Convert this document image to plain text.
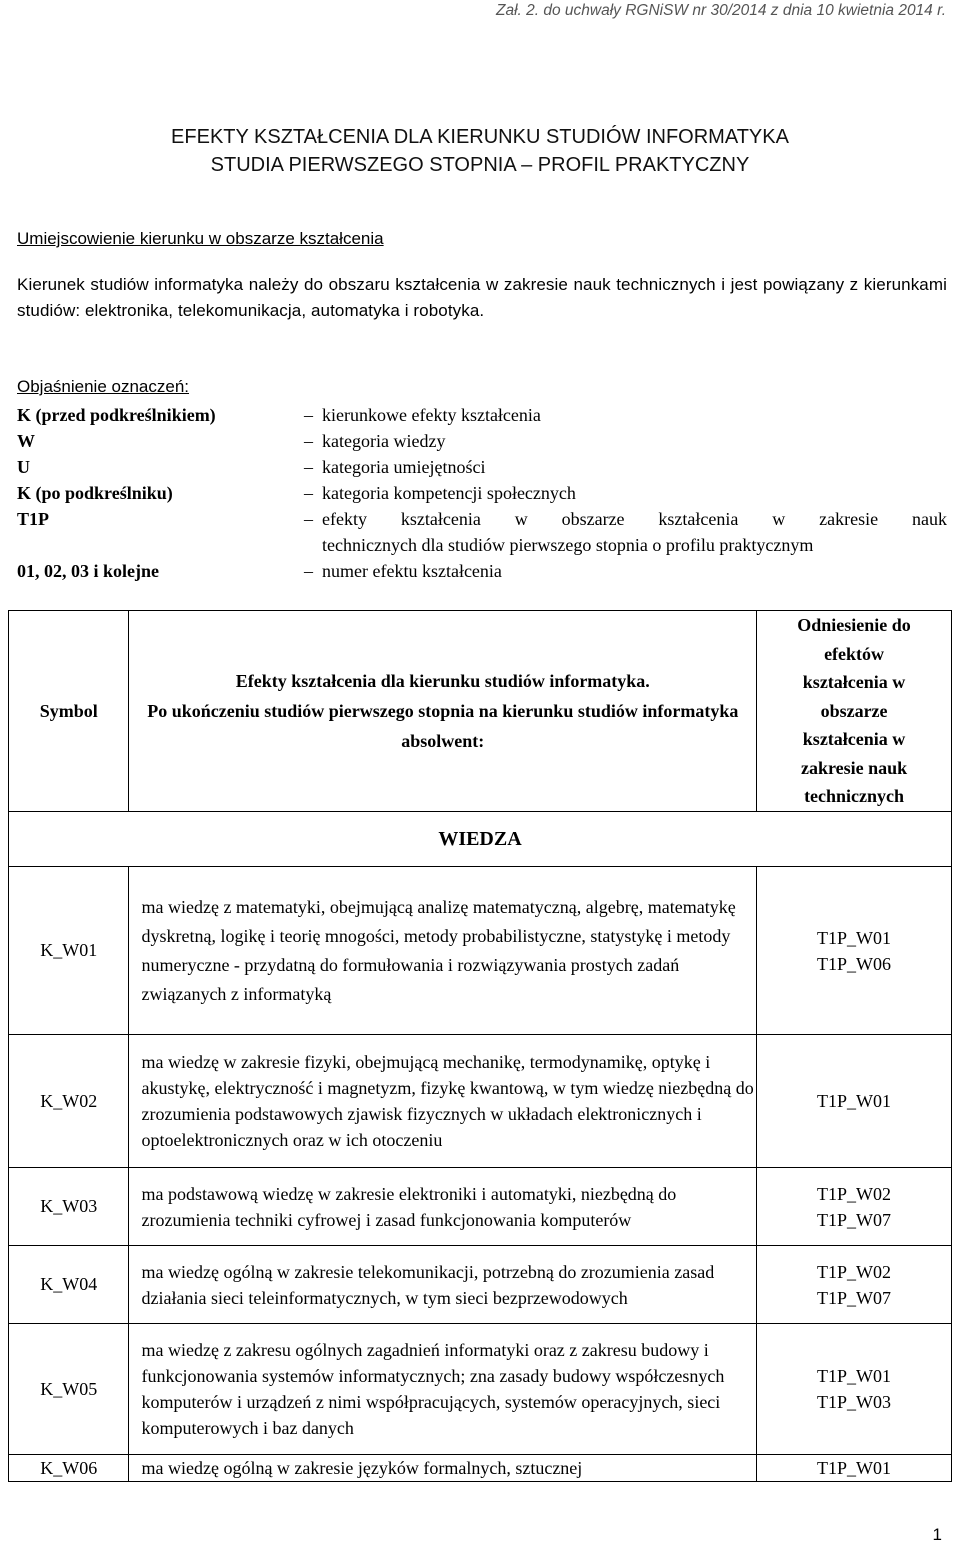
Zał. 2. do uchwały RGNiSW nr 30/2014 z dnia 10 kwietnia 2014 r.
EFEKTY KSZTAŁCENIA DLA KIERUNKU STUDIÓW INFORMATYKA
STUDIA PIERWSZEGO STOPNIA – PROFIL PRAKTYCZNY
Umiejscowienie kierunku w obszarze kształcenia
Kierunek studiów informatyka należy do obszaru kształcenia w zakresie nauk technicznych i jest powiązany z kierunkami studiów: elektronika, telekomunikacja, automatyka i robotyka.
Objaśnienie oznaczeń:
K (przed podkreślnikiem)	– kierunkowe efekty kształcenia
W	– kategoria wiedzy
U	– kategoria umiejętności
K (po podkreślniku)	– kategoria kompetencji społecznych
T1P	– efekty kształcenia w obszarze kształcenia w zakresie nauk
technicznych dla studiów pierwszego stopnia o profilu praktycznym
01, 02, 03 i kolejne	– numer efektu kształcenia
Symbol	Efekty kształcenia dla kierunku studiów informatyka.
Po ukończeniu studiów pierwszego stopnia na kierunku studiów informatyka absolwent:	Odniesienie do efektów kształcenia w obszarze kształcenia w zakresie nauk technicznych

WIEDZA		
K_W01	ma wiedzę z matematyki, obejmującą analizę matematyczną, algebrę, matematykę dyskretną, logikę i teorię mnogości, metody probabilistyczne, statystykę i metody numeryczne - przydatną do formułowania i rozwiązywania prostych zadań związanych z informatyką	T1P_W01
T1P_W06

K_W02	ma wiedzę w zakresie fizyki, obejmującą mechanikę, termodynamikę, optykę i akustykę, elektryczność i magnetyzm, fizykę kwantową, w tym wiedzę niezbędną do zrozumienia podstawowych zjawisk fizycznych w układach elektronicznych i optoelektronicznych oraz w ich otoczeniu	T1P_W01

K_W03	ma podstawową wiedzę w zakresie elektroniki i automatyki, niezbędną do zrozumienia techniki cyfrowej i zasad funkcjonowania komputerów	T1P_W02
T1P_W07

K_W04	ma wiedzę ogólną w zakresie telekomunikacji, potrzebną do zrozumienia zasad działania sieci teleinformatycznych, w tym sieci bezprzewodowych	T1P_W02
T1P_W07

K_W05	ma wiedzę z zakresu ogólnych zagadnień informatyki oraz z zakresu budowy i funkcjonowania systemów informatycznych; zna zasady budowy współczesnych komputerów i urządzeń z nimi współpracujących, systemów operacyjnych, sieci komputerowych i baz danych	T1P_W01
T1P_W03

K_W06	ma wiedzę ogólną w zakresie języków formalnych, sztucznej	T1P_W01
1
